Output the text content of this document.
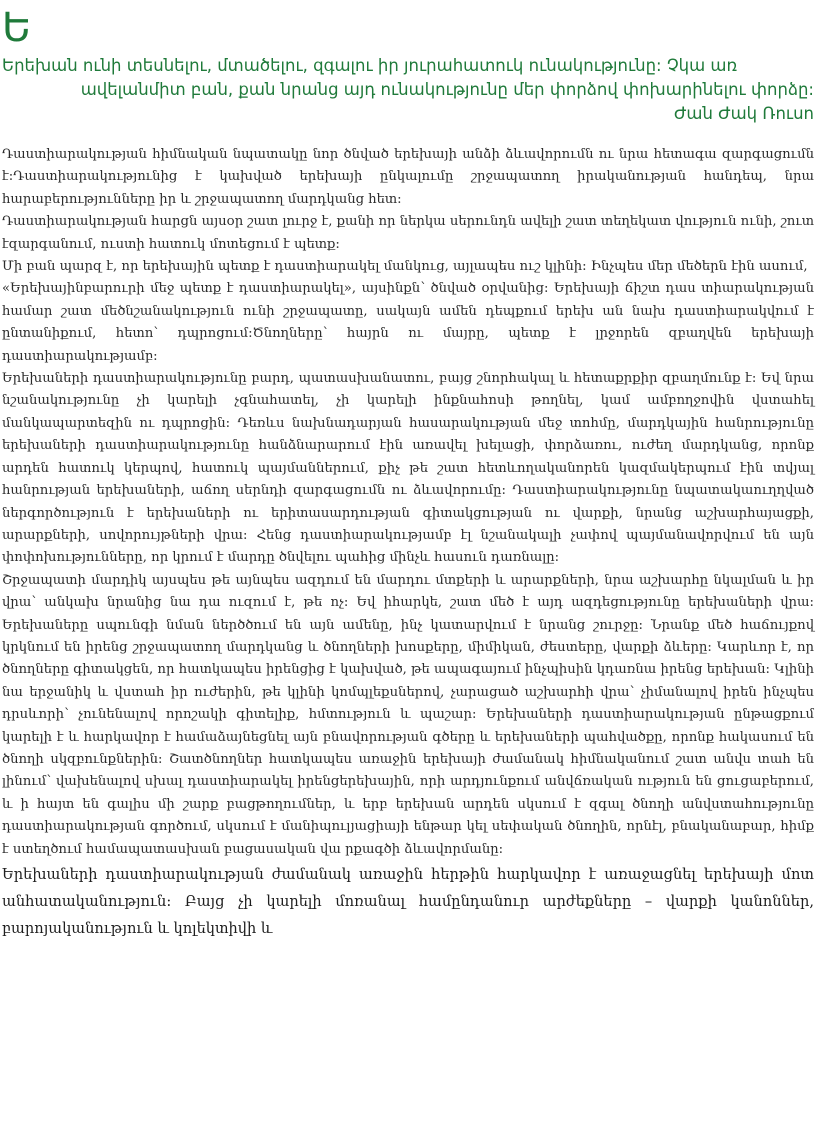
Ե
Երեխան ունի տեսնելու, մտածելու, զգալու իր յուրահատուկ ունակությունը: Չկա առ
ավելանմիտ բան, քան նրանց այդ ունակությունը մեր փորձով փոխարինելու փորձը:
Ժան Ժակ Ռուսո

Դաստիարակության հիմնական նպատակը նոր ծնված երեխայի անձի ձևավորումն ու նրա հետագա զարգացումն է:Դաստիարակությունից է կախված երեխայի ընկալումը շրջապատող իրականության հանդեպ, նրա հարաբերությունները իր և շրջապատող մարդկանց հետ:

Դաստիարակության հարցն այսօր շատ լուրջ է, քանի որ ներկա սերունդն ավելի շատ տեղեկատ վություն ունի, շուտ էզարգանում, ուստի հատուկ մոտեցում է պետք:

Մի բան պարզ է, որ երեխային պետք է դաստիարակել մանկուց, այլապես ուշ կլինի: Ինչպես մեր մեծերն էին ասում,

«Երեխայինբարուրի մեջ պետք է դաստիարակել», այսինքն՝ ծնված օրվանից: Երեխայի ճիշտ դաս տիարակության համար շատ մեծնշանակություն ունի շրջապատը, սակայն ամեն դեպքում երեխ ան նախ դաստիարակվում է ընտանիքում, հետո՝ դպրոցում:Ծնողները՝ հայրն ու մայրը, պետք է լրջորեն զբաղվեն երեխայի դաստիարակությամբ:

Երեխաների դաստիարակությունը բարդ, պատասխանատու, բայց շնորհակալ և հետաքրքիր զբաղմունք է: Եվ նրա նշանակությունը չի կարելի չգնահատել, չի կարելի ինքնահոսի թողնել, կամ ամբողջովին վստահել մանկապարտեզին ու դպրոցին: Դեռևս նախնադարյան հասարակության մեջ տոհմը, մարդկային հանրությունը երեխաների դաստիարակությունը հանձնարարում էին առավել խելացի, փորձառու, ուժեղ մարդկանց, որոնք արդեն հատուկ կերպով, հատուկ պայմաններում, քիչ թե շատ հետևողականորեն կազմակերպում էին տվյալ հանրության երեխաների, աճող սերնդի զարգացումն ու ձևավորումը: Դաստիարակությունը նպատակաուղղված ներգործություն է երեխաների ու երիտասարդության գիտակցության ու վարքի, նրանց աշխարհայացքի, արարքների, սովորույթների վրա: Հենց դաստիարակությամբ էլ նշանակալի չափով պայմանավորվում են այն փոփոխությունները, որ կրում է մարդը ծնվելու պահից մինչև հասուն դառնալը:

Շրջապատի մարդիկ այսպես թե այնպես ազդում են մարդու մտքերի և արարքների, նրա աշխարհը նկալման և իր վրա՝ անկախ նրանից նա դա ուզում է, թե ոչ: Եվ իհարկե, շատ մեծ է այդ ազդեցությունը երեխաների վրա: Երեխաները սպունգի նման ներծծում են այն ամենը, ինչ կատարվում է նրանց շուրջը: Նրանք մեծ հաճույքով կրկնում են իրենց շրջապատող մարդկանց և ծնողների խոսքերը, միմիկան, ժեստերը, վարքի ձևերը: Կարևոր է, որ ծնողները գիտակցեն, որ հատկապես իրենցից է կախված, թե ապագայում ինչպիսին կդառնա իրենց երեխան: Կլինի նա երջանիկ և վստահ իր ուժերին, թե կլինի կոմպլեքսներով, չարացած աշխարհի վրա՝ չիմանալով իրեն ինչպես դրսևորի՝ չունենալով որոշակի գիտելիք, հմտություն և պաշար: Երեխաների դաստիարակության ընթացքում կարելի է և հարկավոր է համաձայնեցնել այն բնավորության գծերը և երեխաների պահվածքը, որոնք հակասում են ծնողի սկզբունքներին: Շատծնողներ հատկապես առաջին երեխայի ժամանակ հիմնականում շատ անվս տահ են լինում՝ վախենալով սխալ դաստիարակել իրենցերեխային, որի արդյունքում անվճռական ություն են ցուցաբերում, և ի հայտ են գալիս մի շարք բացթողումներ, և երբ երեխան արդեն սկսում է զգալ ծնողի անվստահությունը դաստիարակության գործում, սկսում է մանիպուլյացիայի ենթար կել սեփական ծնողին, որնէլ, բնականաբար, հիմք է ստեղծում համապատասխան բացասական վա րքագծի ձևավորմանը:

Երեխաների դաստիարակության ժամանակ առաջին հերթին հարկավոր է առաջացնել երեխայի մոտ անհատականություն: Բայց չի կարելի մոռանալ համընդանուր արժեքները – վարքի կանոններ, բարոյականություն և կոլեկտիվի և
